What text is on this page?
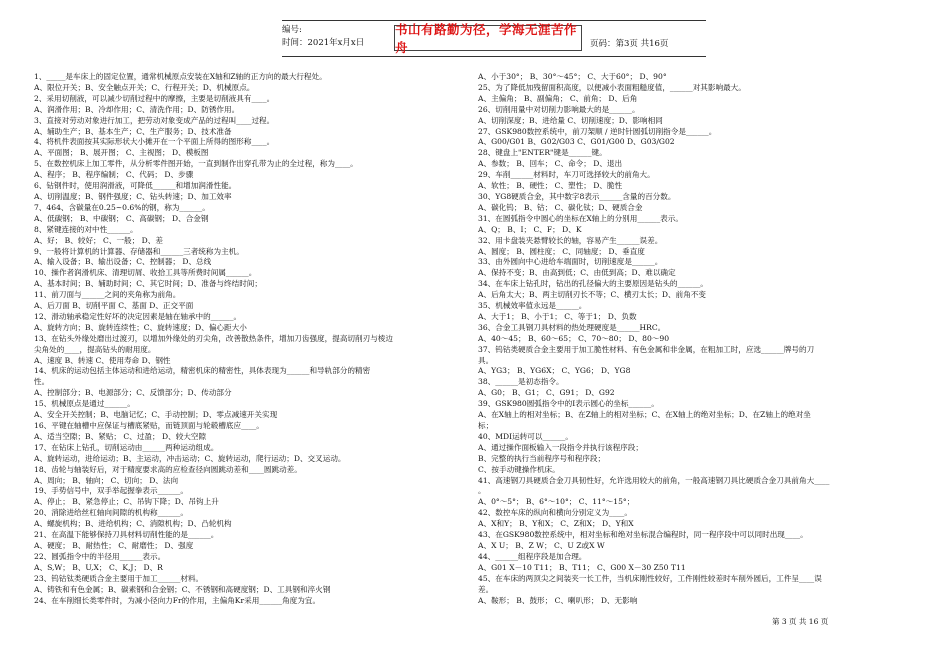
编号:
时间：2021年x月x日
书山有路勤为径，学海无涯苦作舟	页码：第3页 共16页

1、_____是车床上的固定位置，通常机械原点安装在X轴和Z轴的正方向的最大行程处。

A、限位开关；B、安全触点开关；C、行程开关；D、机械原点。

2、采用切削液，可以减少切削过程中的摩擦，主要是切削液具有____。

A、润滑作用；B、冷却作用；C、清洗作用；D、防锈作用。

3、直接对劳动对象进行加工，把劳动对象变成产品的过程叫____过程。

A、辅助生产；B、基本生产；C、生产服务；D、技术准备

4、将机件表面按其实际形状大小摊开在一个平面上所得的图形称____。

A、平面图； B、展开图； C、主视图； D、模板图

5、在数控机床上加工零件，从分析零件图开始，一直到制作出穿孔带为止的全过程，称为____。

A、程序； B、程序编制； C、代码； D、步骤

6、钻钢件时，使用润滑液，可降低______和增加润滑性能。

A、切削温度；B、钢件强度；C、钻头转速；D、加工效率

7、464、含碳量在0.25~0.6%的钢，称为______。

A、低碳钢； B、中碳钢； C、高碳钢； D、合金钢

8、紧键连接的对中性______。

A、好； B、较好； C、一般； D、差

9、一般将计算机的计算器、存储器和______三者统称为主机。

A、输入设备；B、输出设备；C、控制器； D、总线

10、操作者润滑机床、清理切屑、收拾工具等所费时间属______。

A、基本时间；B、辅助时间；C、其它时间；D、准备与终结时间；

11、前刀面与______之间的夹角称为前角。

A、后刀面 B、切削平面 C、基面 D、正交平面

12、滑动轴承稳定性好坏的决定因素是轴在轴承中的______。

A、旋转方向；B、旋转连续性；C、旋转速度；D、偏心距大小

13、在钻头外缘处磨出过渡刃，以增加外缘处的刃尖角，改善散热条件，增加刀齿强度，提高切削刃与棱边

尖角处的____，提高钻头的耐用度。

A、速度 B、转速 C、使用寿命 D、钢性

14、机床的运动包括主体运动和进给运动，精密机床的精密性，具体表现为______和导轨部分的精密

性。

A、控制部分；B、电源部分；C、反馈部分；D、传动部分

15、机械原点是通过______。

A、安全开关控制；B、电脑记忆；C、手动控制；D、零点减速开关实现

16、平键在轴槽中应保证与槽底紧贴，而链顶面与轮毂槽底应____。

A、适当空隙；B、紧贴； C、过盈； D、较大空隙

17、在钻床上钻孔，切削运动由______两种运动组成。

A、旋转运动，进给运动；B、主运动，冲击运动；C、旋转运动，爬行运动；D、交叉运动。

18、齿轮与轴装好后，对于精度要求高的应检查径向圆跳动差和____圆跳动差。

A、周向； B、轴向； C、切向； D、法向

19、手势信号中，双手举起握拳表示______。

A、停止； B、紧急停止；C、吊钩下降；D、吊钩上升

20、消除进给丝杠轴向间隙的机构称______。

A、螺旋机构；B、进给机构；C、消隙机构；D、凸轮机构

21、在高温下能够保持刀具材料切削性能的是______。

A、硬度； B、耐热性； C、耐磨性； D、强度

22、圆弧指令中的半径用______表示。

A、S,W； B、U,X； C、K,J； D、R

23、钨钴钛类硬质合金主要用于加工______材料。

A、铸铁和有色金属；B、碳素钢和合金钢；C、不锈钢和高硬度钢；D、工具钢和淬火钢

24、在车削细长类零件时，为减小径向力Fr的作用，主偏角Kr采用______角度为宜。

A、小于30°； B、30°～45°； C、大于60°； D、90°

25、为了降低加残留面积高度，以便减小表面粗糙度值，______对其影响最大。

A、主偏角； B、副偏角； C、前角； D、后角

26、切削用量中对切削力影响最大的是______。

A、切削深度；B、进给量 C、切削速度；D、影响相同

27、GSK980数控系统中，前刀架顺 / 逆时针圆弧切削指令是______。

A、G00/G01 B、G02/G03 C、G01/G00 D、G03/G02

28、键盘上"ENTER"键是______键。

A、参数； B、回车； C、命令； D、退出

29、车削______材料时，车刀可选择较大的前角大。

A、软性； B、硬性； C、塑性； D、脆性

30、YG8硬质合金，其中数字8表示______含量的百分数。

A、碳化钨； B、钴； C、碳化钛；D、硬质合金

31、在圆弧指令中圆心的坐标在X轴上的分别用______表示。

A、Q； B、I； C、F； D、K

32、用卡盘装夹悬臂较长的轴，容易产生______误差。

A、圆度； B、圆柱度； C、同轴度； D、垂直度

33、由外圆向中心进给车端面时，切削速度是______。

A、保持不变；B、由高到低；C、由低到高；D、难以确定

34、在车床上钻孔时，钻出的孔径偏大的主要原因是钻头的______。

A、后角太大；B、两主切削刃长不等；C、横刃太长；D、前角不变

35、机械效率值永远是______。

A、大于1； B、小于1； C、等于1； D、负数

36、合金工具钢刀具材料的热处理硬度是______HRC。

A、40～45； B、60～65； C、70～80； D、80～90

37、钨钴类硬质合金主要用于加工脆性材料、有色金属和非金属，在粗加工时，应选______牌号的刀

具。

A、YG3； B、YG6X； C、YG6； D、YG8

38、______是初态指令。

A、G0； B、G1； C、G91； D、G92

39、GSK980圆弧指令中的I表示圆心的坐标______。

A、在X轴上的相对坐标；B、在Z轴上的相对坐标；C、在X轴上的绝对坐标；D、在Z轴上的绝对坐

标；

40、MDI运转可以______。

A、通过操作面板输入一段指令并执行该程序段；

B、完整的执行当前程序号和程序段；

C、按手动键操作机床。

41、高速钢刀具硬质合金刀具韧性好，允许选用较大的前角，一般高速钢刀具比硬质合金刀具前角大____

。

A、0°～5°； B、6°～10°； C、11°～15°；

42、数控车床的纵向和横向分别定义为____。

A、X和Y； B、Y和X； C、Z和X； D、Y和X

43、在GSK980数控系统中，相对坐标和绝对坐标混合编程时，同一程序段中可以同时出现____。

A、X U； B、Z W； C、U Z或X W

44、______组程序段是加合理。

A、G01 X－10 T11； B、T11； C、G00 X－30 Z50 T11

45、在车床的两顶尖之间装夹一长工件，当机床刚性较好，工件刚性较差时车削外圆后，工件呈____误

差。

A、鞍形； B、鼓形； C、喇叭形； D、无影响

第 3 页 共 16 页
